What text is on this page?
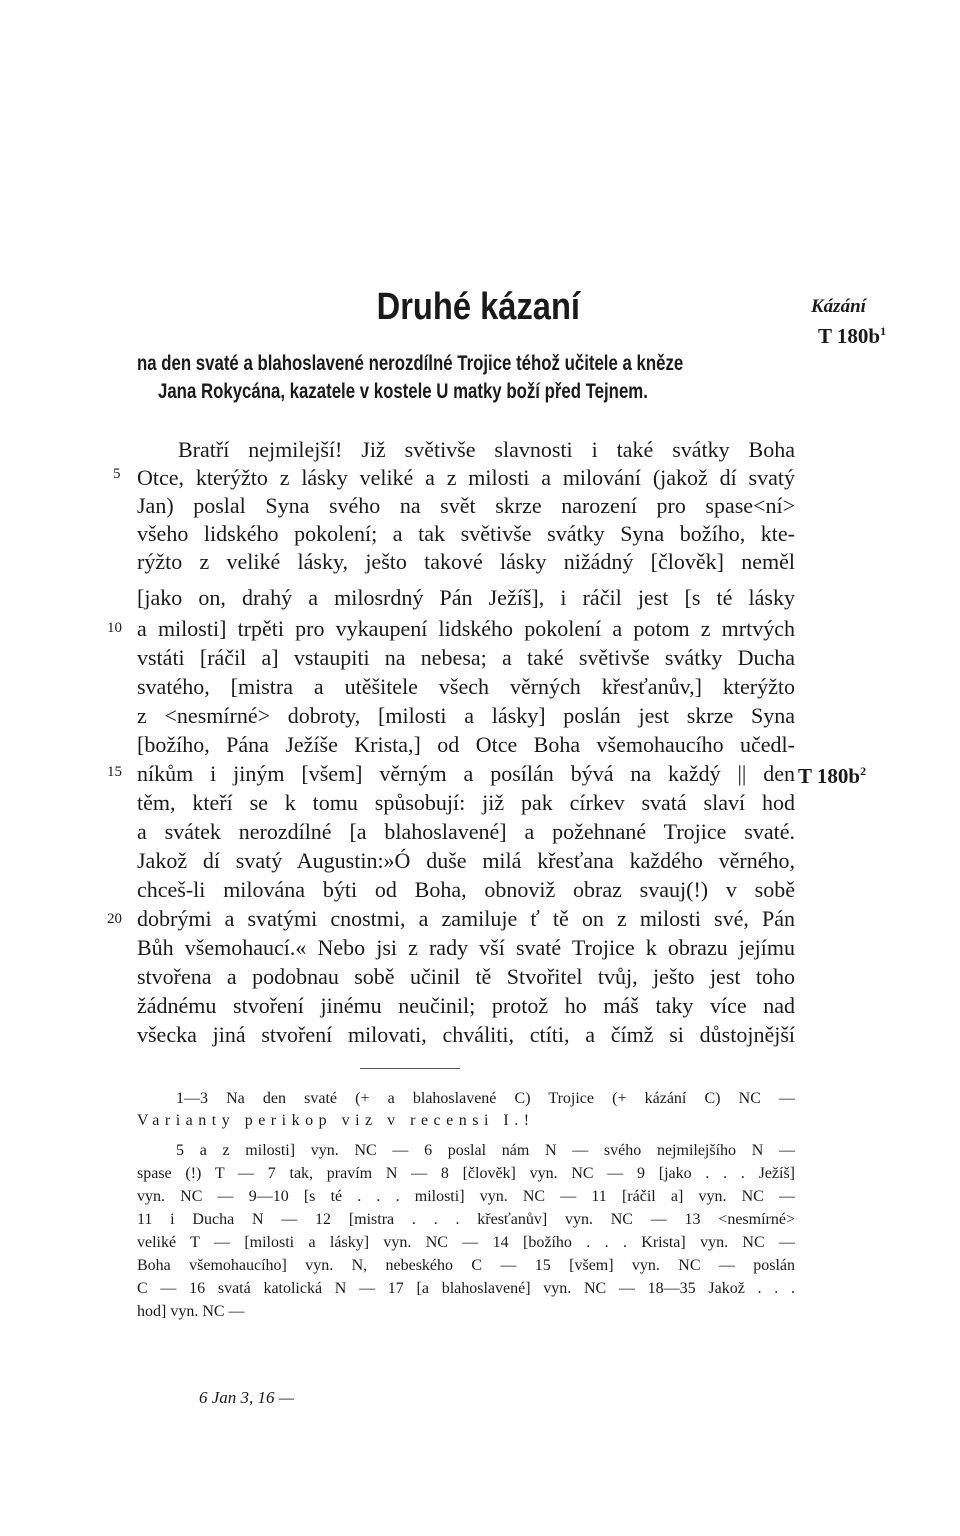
Druhé kázaní	Kázání
T $180b^1$
na den svaté a blahoslavené nerozdílné Trojice téhož učitele a kněze
Jana Rokycána, kazatele v kostele U matky boží před Tejnem.
5
10
15
20
T $180b^2$
Bratří nejmilejší! Již světivše slavnosti i také svátky Boha
Otce, kterýžto z lásky veliké a z milosti a milování (jakož dí svatý
Jan) poslal Syna svého na svět skrze narození pro spase<ní>
všeho lidského pokolení; a tak světivše svátky Syna božího, kte-
rýžto z veliké lásky, ješto takové lásky nižádný [člověk] neměl
[jako on, drahý a milosrdný Pán Ježíš], i ráčil jest [s té lásky
a milosti] trpěti pro vykaupení lidského pokolení a potom z mrtvých
vstáti [ráčil a] vstaupiti na nebesa; a také světivše svátky Ducha
svatého, [mistra a utěšitele všech věrných křesťanův,] kterýžto
z <nesmírné> dobroty, [milosti a lásky] poslán jest skrze Syna
[božího, Pána Ježíše Krista,] od Otce Boha všemohaucího učedl-
níkům i jiným [všem] věrným a posílán bývá na každý || den
těm, kteří se k tomu spůsobují: již pak církev svatá slaví hod
a svátek nerozdílné [a blahoslavené] a požehnané Trojice svaté.
Jakož dí svatý Augustin:»Ó duše milá křesťana každého věrného,
chceš-li milována býti od Boha, obnoviž obraz svauj(!) v sobě
dobrými a svatými cnostmi, a zamiluje ť tě on z milosti své, Pán
Bůh všemohaucí.« Nebo jsi z rady vší svaté Trojice k obrazu jejímu
stvořena a podobnau sobě učinil tě Stvořitel tvůj, ješto jest toho
žádnému stvoření jinému neučinil; protož ho máš taky více nad
všecka jiná stvoření milovati, chváliti, ctíti, a čímž si důstojnější
1—3 Na den svaté (+ a blahoslavené C) Trojice (+ kázání C) NC —
Varianty perikop viz v recensi I.!
5 a z milosti] vyn. NC — 6 poslal nám N — svého nejmilejšího N —
spase (!) T — 7 tak, pravím N — 8 [člověk] vyn. NC — 9 [jako . . . Ježíš]
vyn. NC — 9—10 [s té . . . milosti] vyn. NC — 11 [ráčil a] vyn. NC —
11 i Ducha N — 12 [mistra . . . křesťanův] vyn. NC — 13 <nesmírné>
veliké T — [milosti a lásky] vyn. NC — 14 [božího . . . Krista] vyn. NC —
Boha všemohaucího] vyn. N, nebeského C — 15 [všem] vyn. NC — poslán
C — 16 svatá katolická N — 17 [a blahoslavené] vyn. NC — 18—35 Jakož . . .
hod] vyn. NC —
6 Jan 3, 16 —
